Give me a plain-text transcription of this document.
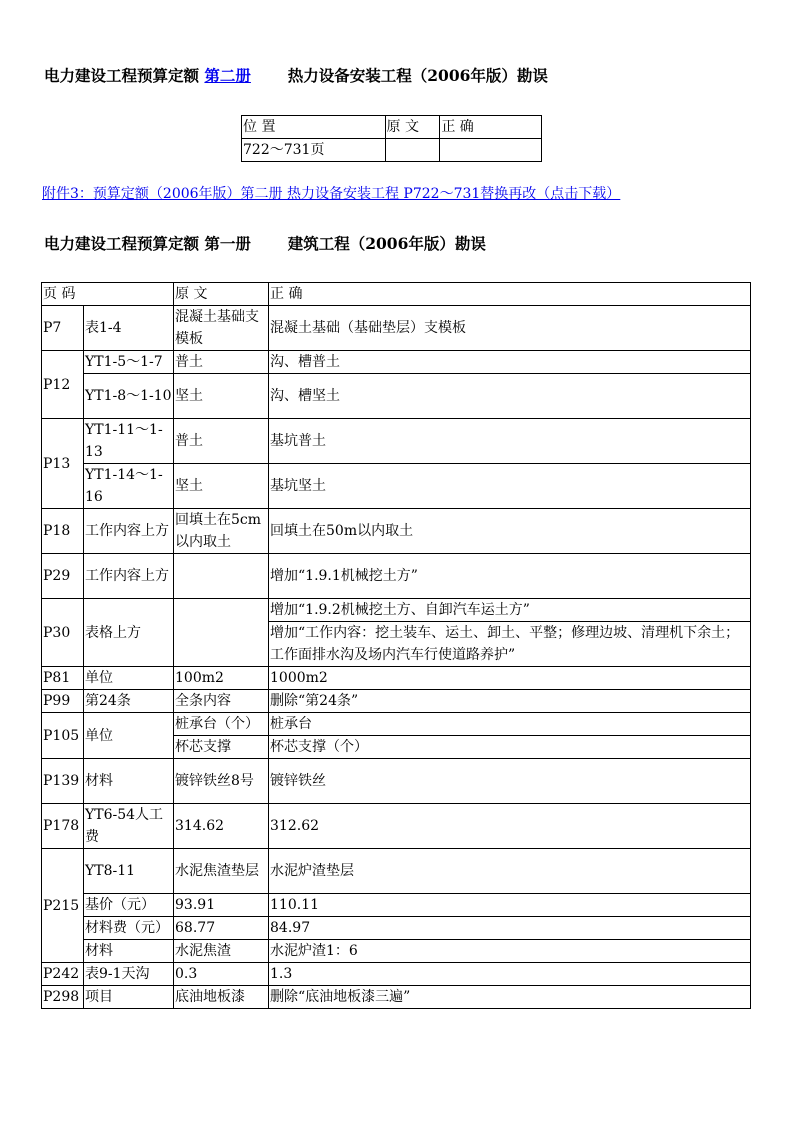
电力建设工程预算定额 第二册 热力设备安装工程（2006年版）勘误
位 置	原 文	正 确
722～731页		
附件3：预算定额（2006年版）第二册 热力设备安装工程 P722～731替换再改（点击下载）
电力建设工程预算定额 第一册 建筑工程（2006年版）勘误
页 码		原 文	正 确
P7	表1-4	混凝土基础支模板	混凝土基础（基础垫层）支模板
P12	YT1-5～1-7	普土	沟、槽普土
	YT1-8～1-10	坚土	沟、槽坚土
P13	YT1-11～1-13	普土	基坑普土
	YT1-14～1-16	坚土	基坑坚土
P18	工作内容上方	回填土在5cm以内取土	回填土在50m以内取土
P29	工作内容上方		增加“1.9.1机械挖土方”
P30	表格上方		增加“1.9.2机械挖土方、自卸汽车运土方”
			增加“工作内容：挖土装车、运土、卸土、平整；修理边坡、清理机下余土；工作面排水沟及场内汽车行使道路养护”
P81	单位	100m2	1000m2
P99	第24条	全条内容	删除“第24条”
P105	单位	桩承台（个）	桩承台
		杯芯支撑	杯芯支撑（个）
P139	材料	镀锌铁丝8号	镀锌铁丝
P178	YT6-54人工费	314.62	312.62
P215	YT8-11	水泥焦渣垫层	水泥炉渣垫层
	基价（元）	93.91	110.11
	材料费（元）	68.77	84.97
	材料	水泥焦渣	水泥炉渣1：6
P242	表9-1天沟	0.3	1.3
P298	项目	底油地板漆	删除“底油地板漆三遍”
